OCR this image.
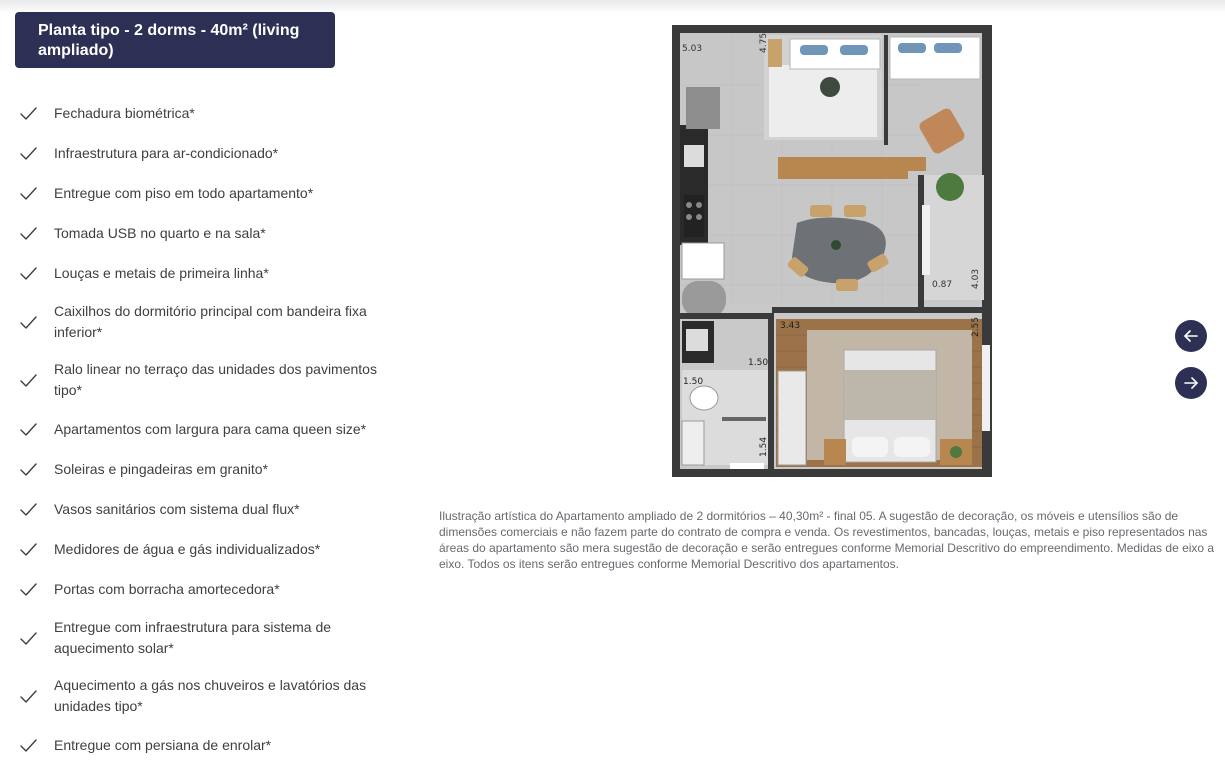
Planta tipo - 2 dorms - 40m² (living ampliado)
Fechadura biométrica*
Infraestrutura para ar-condicionado*
Entregue com piso em todo apartamento*
Tomada USB no quarto e na sala*
Louças e metais de primeira linha*
Caixilhos do dormitório principal com bandeira fixa inferior*
Ralo linear no terraço das unidades dos pavimentos tipo*
Apartamentos com largura para cama queen size*
Soleiras e pingadeiras em granito*
Vasos sanitários com sistema dual flux*
Medidores de água e gás individualizados*
Portas com borracha amortecedora*
Entregue com infraestrutura para sistema de aquecimento solar*
Aquecimento a gás nos chuveiros e lavatórios das unidades tipo*
Entregue com persiana de enrolar*
5.03	4.75
0.87 4.03
3.43	2.55
1.50
1.50
1.54
Ilustração artística do Apartamento ampliado de 2 dormitórios – 40,30m² - final 05. A sugestão de decoração, os móveis e utensílios são de dimensões comerciais e não fazem parte do contrato de compra e venda. Os revestimentos, bancadas, louças, metais e piso representados nas áreas do apartamento são mera sugestão de decoração e serão entregues conforme Memorial Descritivo do empreendimento. Medidas de eixo a eixo. Todos os itens serão entregues conforme Memorial Descritivo dos apartamentos.
